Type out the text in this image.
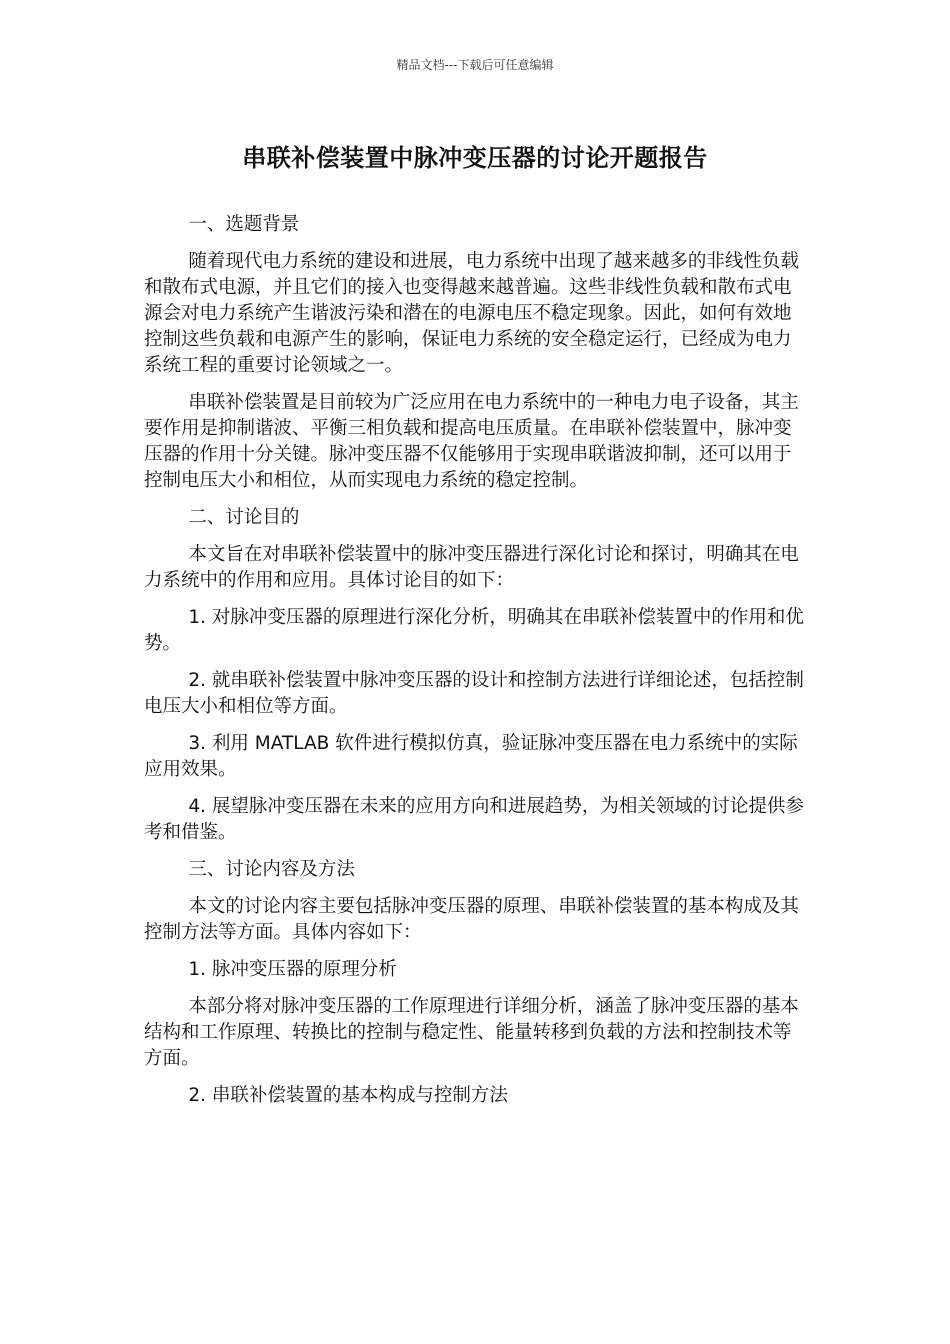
精品文档---下载后可任意编辑
串联补偿装置中脉冲变压器的讨论开题报告

一、选题背景

随着现代电力系统的建设和进展，电力系统中出现了越来越多的非线性负载和散布式电源，并且它们的接入也变得越来越普遍。这些非线性负载和散布式电源会对电力系统产生谐波污染和潜在的电源电压不稳定现象。因此，如何有效地控制这些负载和电源产生的影响，保证电力系统的安全稳定运行，已经成为电力系统工程的重要讨论领域之一。

串联补偿装置是目前较为广泛应用在电力系统中的一种电力电子设备，其主要作用是抑制谐波、平衡三相负载和提高电压质量。在串联补偿装置中，脉冲变压器的作用十分关键。脉冲变压器不仅能够用于实现串联谐波抑制，还可以用于控制电压大小和相位，从而实现电力系统的稳定控制。

二、讨论目的

本文旨在对串联补偿装置中的脉冲变压器进行深化讨论和探讨，明确其在电力系统中的作用和应用。具体讨论目的如下：

1. 对脉冲变压器的原理进行深化分析，明确其在串联补偿装置中的作用和优势。

2. 就串联补偿装置中脉冲变压器的设计和控制方法进行详细论述，包括控制电压大小和相位等方面。

3. 利用 MATLAB 软件进行模拟仿真，验证脉冲变压器在电力系统中的实际应用效果。

4. 展望脉冲变压器在未来的应用方向和进展趋势，为相关领域的讨论提供参考和借鉴。

三、讨论内容及方法

本文的讨论内容主要包括脉冲变压器的原理、串联补偿装置的基本构成及其控制方法等方面。具体内容如下：

1. 脉冲变压器的原理分析

本部分将对脉冲变压器的工作原理进行详细分析，涵盖了脉冲变压器的基本结构和工作原理、转换比的控制与稳定性、能量转移到负载的方法和控制技术等方面。

2. 串联补偿装置的基本构成与控制方法
